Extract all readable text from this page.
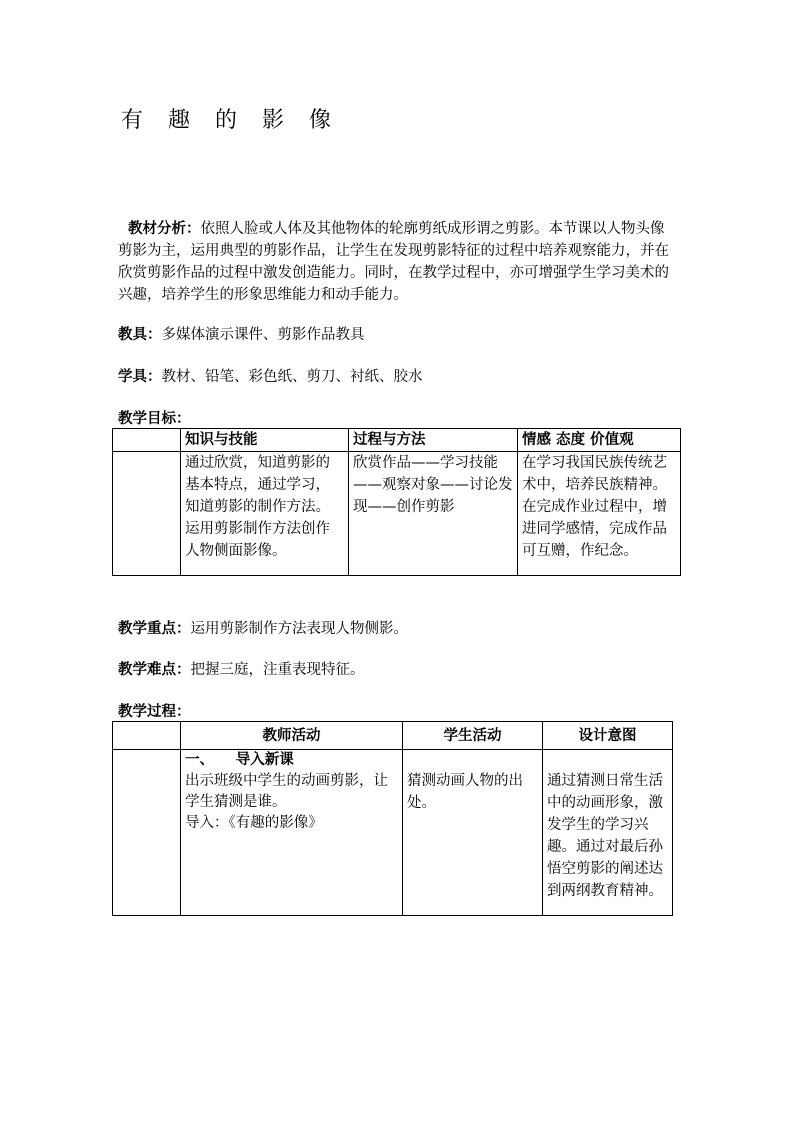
有 趣 的 影 像
教材分析：依照人脸或人体及其他物体的轮廓剪纸成形谓之剪影。本节课以人物头像剪影为主，运用典型的剪影作品，让学生在发现剪影特征的过程中培养观察能力，并在欣赏剪影作品的过程中激发创造能力。同时，在教学过程中，亦可增强学生学习美术的兴趣，培养学生的形象思维能力和动手能力。
教具：多媒体演示课件、剪影作品教具
学具：教材、铅笔、彩色纸、剪刀、衬纸、胶水
教学目标：
	知识与技能	过程与方法	情感 态度 价值观
	通过欣赏，知道剪影的基本特点，通过学习，知道剪影的制作方法。运用剪影制作方法创作人物侧面影像。	欣赏作品——学习技能——观察对象——讨论发现——创作剪影	在学习我国民族传统艺术中，培养民族精神。在完成作业过程中，增进同学感情，完成作品可互赠，作纪念。
教学重点：运用剪影制作方法表现人物侧影。
教学难点：把握三庭，注重表现特征。
教学过程：
	教师活动	学生活动	设计意图

	一、　　导入新课
出示班级中学生的动画剪影，让学生猜测是谁。
导入：《有趣的影像》	猜测动画人物的出处。	通过猜测日常生活中的动画形象，激发学生的学习兴趣。通过对最后孙悟空剪影的阐述达到两纲教育精神。
